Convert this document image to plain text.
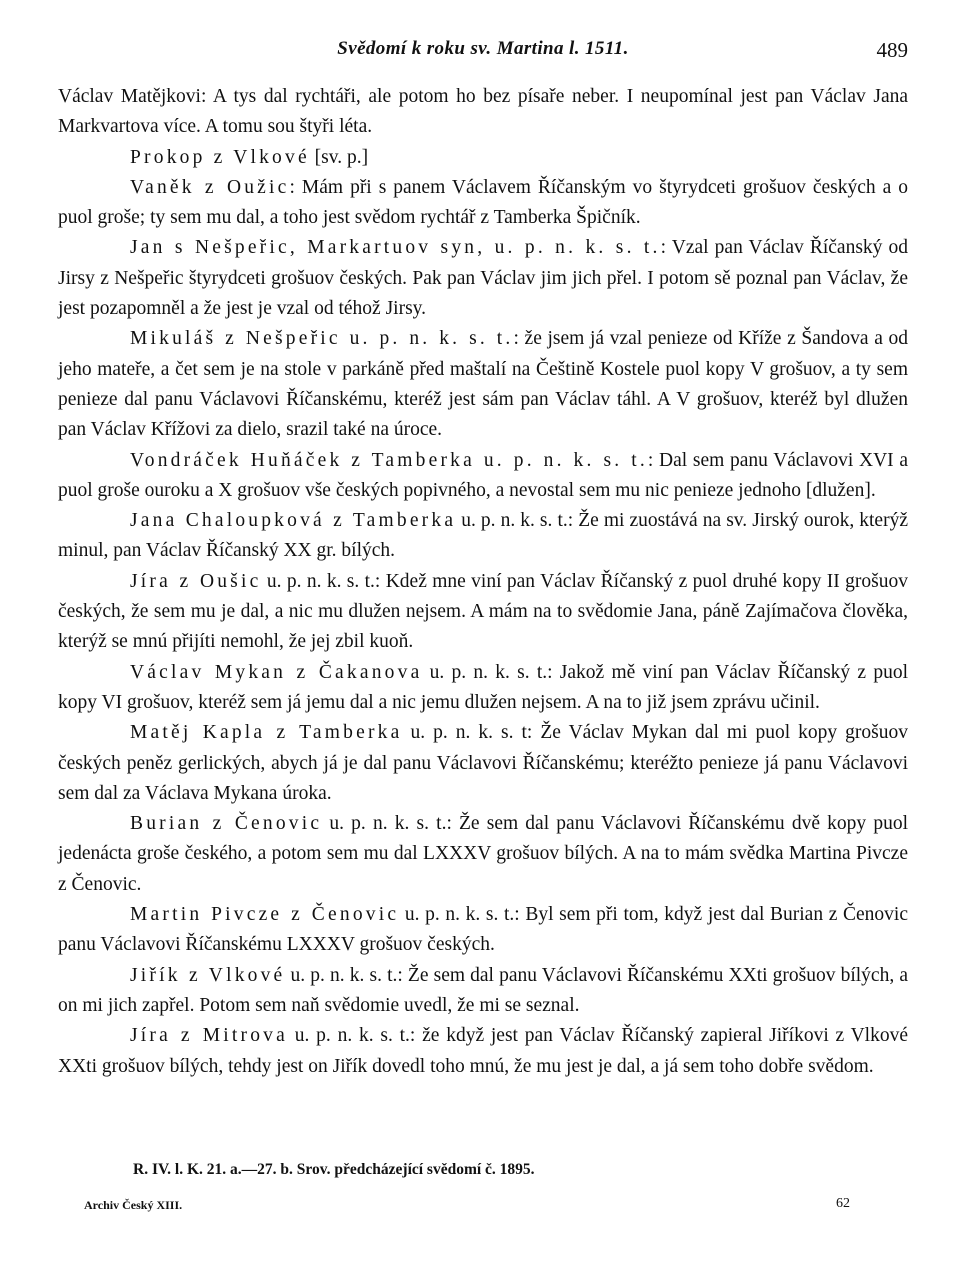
Svědomí k roku sv. Martina l. 1511.	489

Václav Matějkovi: A tys dal rychtáři, ale potom ho bez písaře neber. I neupomínal jest pan Václav Jana Markvartova více. A tomu sou štyři léta.

Prokop z Vlkové [sv. p.]

Vaněk z Oužic: Mám při s panem Václavem Říčanským vo štyrydceti grošuov českých a o puol groše; ty sem mu dal, a toho jest svědom rychtář z Tamberka Špičník.

Jan s Nešpeřic, Markartuov syn, u. p. n. k. s. t.: Vzal pan Václav Říčanský od Jirsy z Nešpeřic štyrydceti grošuov českých. Pak pan Václav jim jich přel. I potom sě poznal pan Václav, že jest pozapomněl a že jest je vzal od téhož Jirsy.

Mikuláš z Nešpeřic u. p. n. k. s. t.: že jsem já vzal penieze od Kříže z Šandova a od jeho mateře, a čet sem je na stole v parkáně před maštalí na Češtině Kostele puol kopy V grošuov, a ty sem penieze dal panu Václavovi Říčanskému, kteréž jest sám pan Václav táhl. A V grošuov, kteréž byl dlužen pan Václav Křížovi za dielo, srazil také na úroce.

Vondráček Huňáček z Tamberka u. p. n. k. s. t.: Dal sem panu Václavovi XVI a puol groše ouroku a X grošuov vše českých popivného, a nevostal sem mu nic penieze jednoho [dlužen].

Jana Chaloupková z Tamberka u. p. n. k. s. t.: Že mi zuostává na sv. Jirský ourok, kterýž minul, pan Václav Říčanský XX gr. bílých.

Jíra z Oušic u. p. n. k. s. t.: Kdež mne viní pan Václav Říčanský z puol druhé kopy II grošuov českých, že sem mu je dal, a nic mu dlužen nejsem. A mám na to svědomie Jana, páně Zajímačova člověka, kterýž se mnú přijíti nemohl, že jej zbil kuoň.

Václav Mykan z Čakanova u. p. n. k. s. t.: Jakož mě viní pan Václav Říčanský z puol kopy VI grošuov, kteréž sem já jemu dal a nic jemu dlužen nejsem. A na to již jsem zprávu učinil.

Matěj Kapla z Tamberka u. p. n. k. s. t: Že Václav Mykan dal mi puol kopy grošuov českých peněz gerlických, abych já je dal panu Václavovi Říčanskému; kteréžto penieze já panu Václavovi sem dal za Václava Mykana úroka.

Burian z Čenovic u. p. n. k. s. t.: Že sem dal panu Václavovi Říčanskému dvě kopy puol jedenácta groše českého, a potom sem mu dal LXXXV grošuov bílých. A na to mám svědka Martina Pivcze z Čenovic.

Martin Pivcze z Čenovic u. p. n. k. s. t.: Byl sem při tom, když jest dal Burian z Čenovic panu Václavovi Říčanskému LXXXV grošuov českých.

Jiřík z Vlkové u. p. n. k. s. t.: Že sem dal panu Václavovi Říčanskému XXti grošuov bílých, a on mi jich zapřel. Potom sem naň svědomie uvedl, že mi se seznal.

Jíra z Mitrova u. p. n. k. s. t.: že když jest pan Václav Říčanský zapieral Jiříkovi z Vlkové XXti grošuov bílých, tehdy jest on Jiřík dovedl toho mnú, že mu jest je dal, a já sem toho dobře svědom.

R. IV. l. K. 21. a.—27. b. Srov. předcházející svědomí č. 1895.
Archiv Český XIII.	62
